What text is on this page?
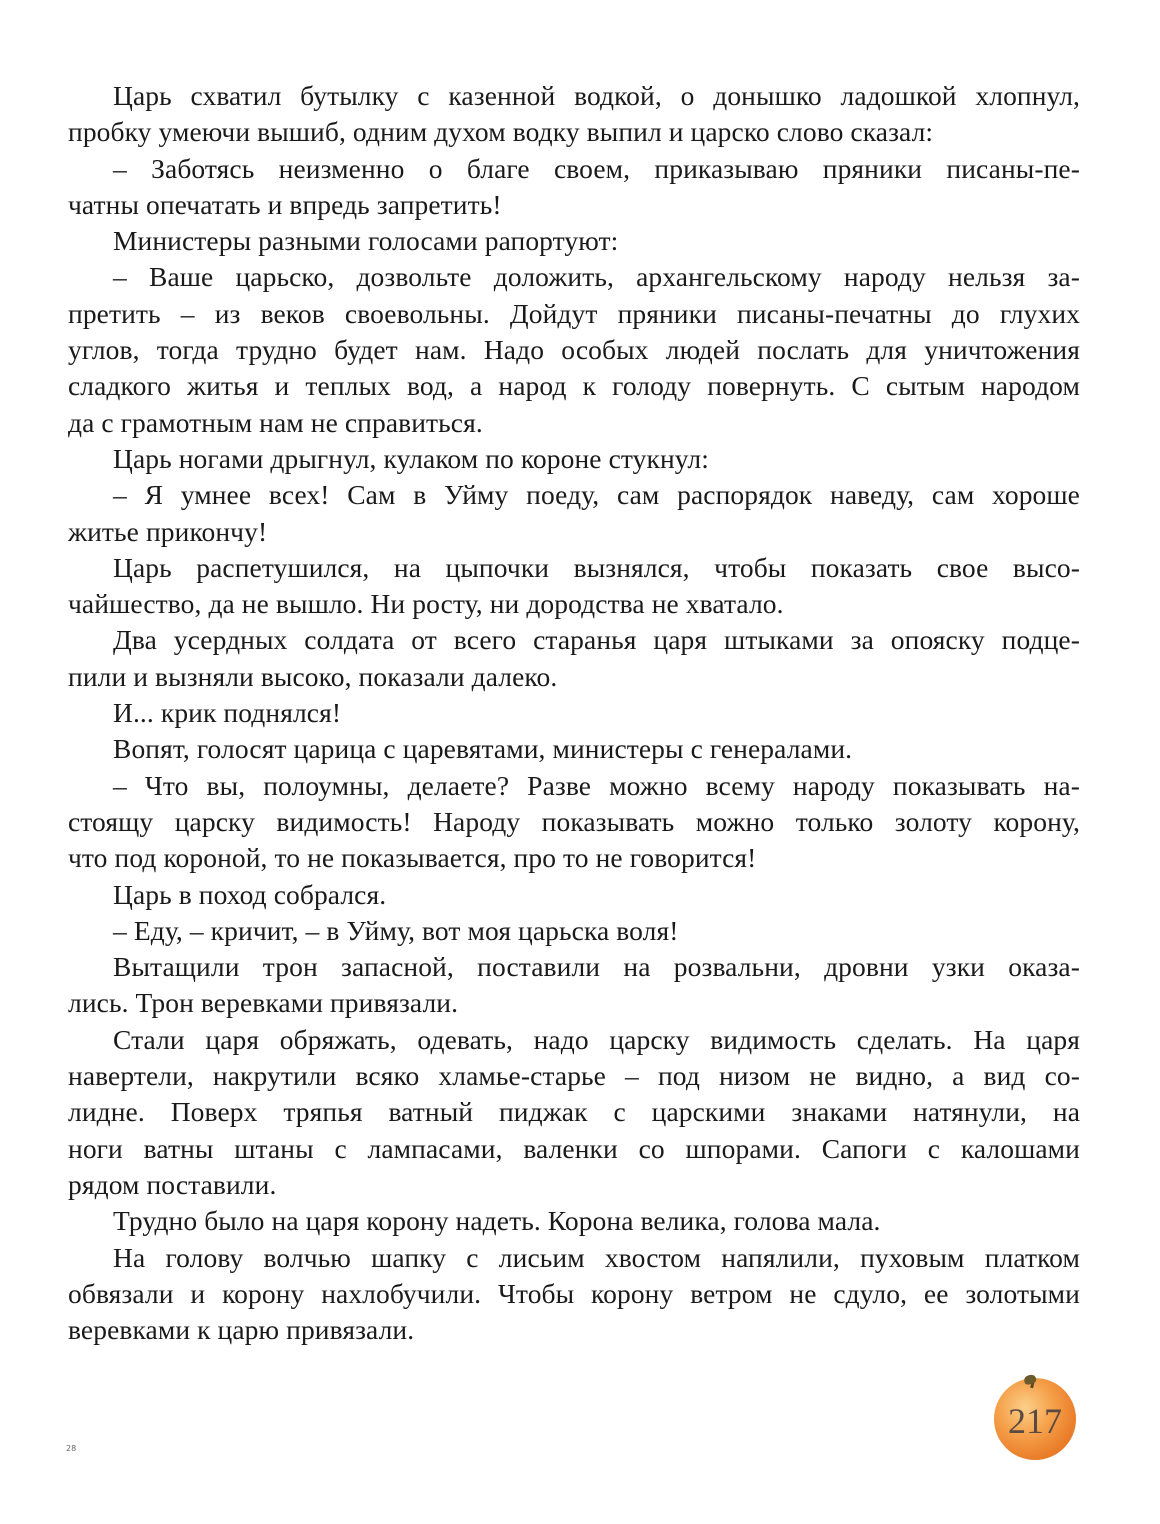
Царь схватил бутылку с казенной водкой, о донышко ладошкой хлопнул,
пробку умеючи вышиб, одним духом водку выпил и царско слово сказал:

– Заботясь неизменно о благе своем, приказываю пряники писаны-пе-
чатны опечатать и впредь запретить!

Министеры разными голосами рапортуют:

– Ваше царьско, дозвольте доложить, архангельскому народу нельзя за-
претить – из веков своевольны. Дойдут пряники писаны-печатны до глухих
углов, тогда трудно будет нам. Надо особых людей послать для уничтожения
сладкого житья и теплых вод, а народ к голоду повернуть. С сытым народом
да с грамотным нам не справиться.

Царь ногами дрыгнул, кулаком по короне стукнул:

– Я умнее всех! Сам в Уйму поеду, сам распорядок наведу, сам хороше
житье прикончу!

Царь распетушился, на цыпочки вызнялся, чтобы показать свое высо-
чайшество, да не вышло. Ни росту, ни дородства не хватало.

Два усердных солдата от всего старанья царя штыками за опояску подце-
пили и вызняли высоко, показали далеко.

И... крик поднялся!

Вопят, голосят царица с царевятами, министеры с генералами.

– Что вы, полоумны, делаете? Разве можно всему народу показывать на-
стоящу царску видимость! Народу показывать можно только золоту корону,
что под короной, то не показывается, про то не говорится!

Царь в поход собрался.

– Еду, – кричит, – в Уйму, вот моя царьска воля!

Вытащили трон запасной, поставили на розвальни, дровни узки оказа-
лись. Трон веревками привязали.

Стали царя обряжать, одевать, надо царску видимость сделать. На царя
навертели, накрутили всяко хламье-старье – под низом не видно, а вид со-
лидне. Поверх тряпья ватный пиджак с царскими знаками натянули, на
ноги ватны штаны с лампасами, валенки со шпорами. Сапоги с калошами
рядом поставили.

Трудно было на царя корону надеть. Корона велика, голова мала.

На голову волчью шапку с лисьим хвостом напялили, пуховым платком
обвязали и корону нахлобучили. Чтобы корону ветром не сдуло, ее золотыми
веревками к царю привязали.

217
28
